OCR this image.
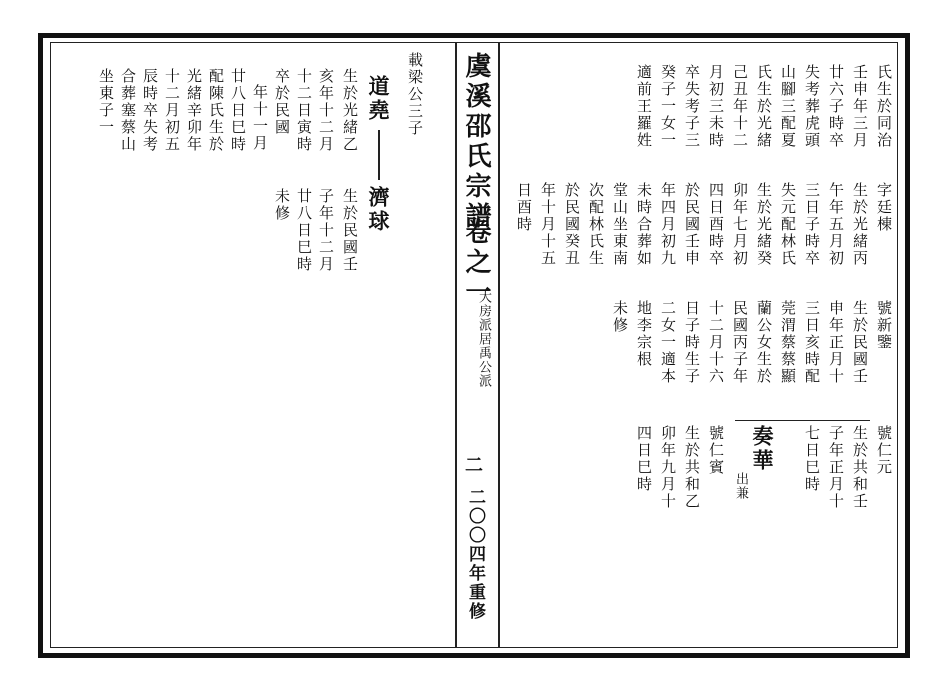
虞溪邵氏宗譜
卷之一
大房派居禹公派
二
二〇〇四年重修
載梁公三子
道堯
濟球
生於光緒乙
亥年十二月
十二日寅時
卒於民國
年十一月
廿八日巳時
配陳氏生於
光緒辛卯年
十二月初五
辰時卒失考
合葬塞蔡山
坐東子一
生於民國壬
子年十二月
廿八日巳時
未修
氏生於同治
壬申年三月
廿六子時卒
失考葬虎頭
山腳三配夏
氏生於光緒
己丑年十二
月初三未時
卒失考子三
癸子一女一
適前王羅姓
字廷棟
生於光緒丙
午年五月初
三日子時卒
失元配林氏
生於光緒癸
卯年七月初
四日酉時卒
於民國壬申
年四月初九
未時合葬如
堂山坐東南
次配林氏生
於民國癸丑
年十月十五
日酉時
號新鑒
生於民國壬
申年正月十
三日亥時配
莞渭蔡蔡顯
蘭公女生於
民國丙子年
十二月十六
日子時生子
二女一適本
地李宗根
未修
號仁元
生於共和壬
子年正月十
七日巳時
奏華
出兼
號仁賓
生於共和乙
卯年九月十
四日巳時
